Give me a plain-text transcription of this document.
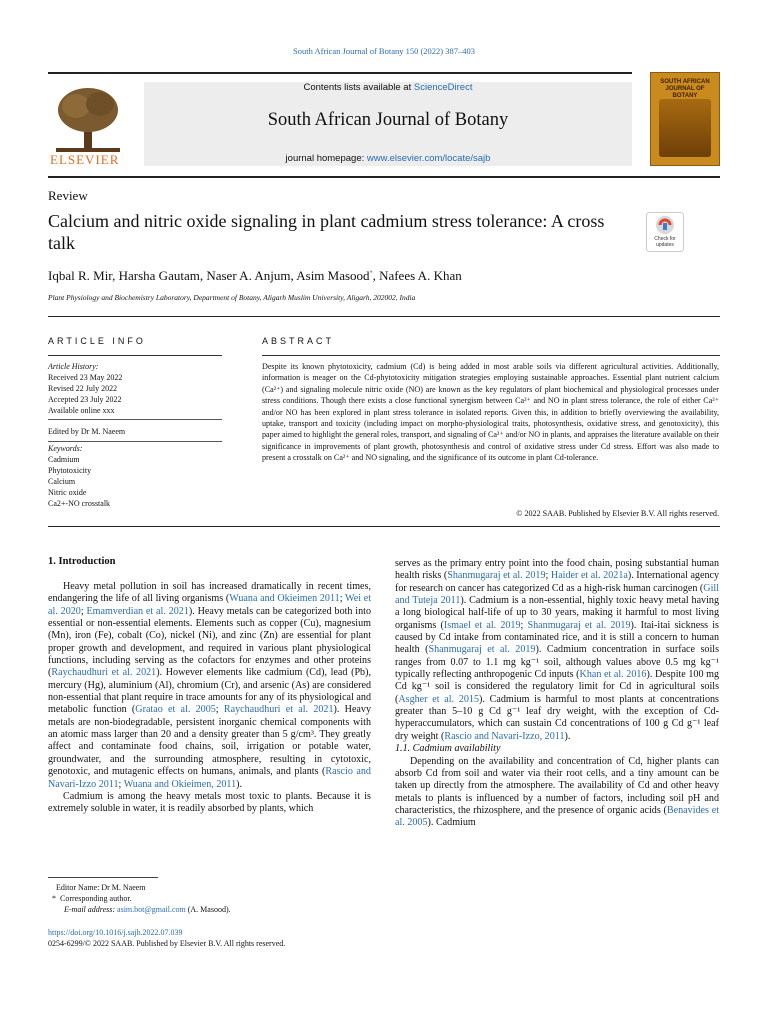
South African Journal of Botany 150 (2022) 387–403
ELSEVIER
Contents lists available at ScienceDirect
South African Journal of Botany
journal homepage: www.elsevier.com/locate/sajb
SOUTH AFRICAN JOURNAL OF BOTANY
Review
Calcium and nitric oxide signaling in plant cadmium stress tolerance: A cross talk	Check for updates
Iqbal R. Mir, Harsha Gautam, Naser A. Anjum, Asim Masood*, Nafees A. Khan
Plant Physiology and Biochemistry Laboratory, Department of Botany, Aligarh Muslim University, Aligarh, 202002, India
ARTICLE INFO	ABSTRACT
Article History:
Received 23 May 2022
Revised 22 July 2022
Accepted 23 July 2022
Available online xxx
Edited by Dr M. Naeem
Keywords:
Cadmium
Phytotoxicity
Calcium
Nitric oxide
Ca2+-NO crosstalk
Despite its known phytotoxicity, cadmium (Cd) is being added in most arable soils via different agricultural activities. Additionally, information is meager on the Cd-phytotoxicity mitigation strategies employing sustainable approaches. Essential plant nutrient calcium (Ca²⁺) and signaling molecule nitric oxide (NO) are known as the key regulators of plant biochemical and physiological processes under stress conditions. Though there exists a close functional synergism between Ca²⁺ and NO in plant stress tolerance, the role of either Ca²⁺ and/or NO has been explored in plant stress tolerance in isolated reports. Given this, in addition to briefly overviewing the availability, uptake, transport and toxicity (including impact on morpho-physiological traits, photosynthesis, oxidative stress, and genotoxicity), this paper aimed to highlight the general roles, transport, and signaling of Ca²⁺ and/or NO in plants, and appraises the literature available on their significance in improvements of plant growth, photosynthesis and control of oxidative stress under Cd stress. Effort was also made to present a crosstalk on Ca²⁺ and NO signaling, and the significance of its outcome in plant Cd-tolerance.
© 2022 SAAB. Published by Elsevier B.V. All rights reserved.
1. Introduction

Heavy metal pollution in soil has increased dramatically in recent times, endangering the life of all living organisms (Wuana and Okieimen 2011; Wei et al. 2020; Emamverdian et al. 2021). Heavy metals can be categorized both into essential or non-essential elements. Elements such as copper (Cu), magnesium (Mn), iron (Fe), cobalt (Co), nickel (Ni), and zinc (Zn) are essential for plant proper growth and development, and required in various plant physiological functions, including serving as the cofactors for enzymes and other proteins (Raychaudhuri et al. 2021). However elements like cadmium (Cd), lead (Pb), mercury (Hg), aluminium (Al), chromium (Cr), and arsenic (As) are considered non-essential that plant require in trace amounts for any of its physiological and metabolic function (Gratao et al. 2005; Raychaudhuri et al. 2021). Heavy metals are non-biodegradable, persistent inorganic chemical components with an atomic mass larger than 20 and a density greater than 5 g/cm³. They greatly affect and contaminate food chains, soil, irrigation or potable water, groundwater, and the surrounding atmosphere, resulting in cytotoxic, genotoxic, and mutagenic effects on humans, animals, and plants (Rascio and Navari-Izzo 2011; Wuana and Okieimen, 2011).

Cadmium is among the heavy metals most toxic to plants. Because it is extremely soluble in water, it is readily absorbed by plants, which

serves as the primary entry point into the food chain, posing substantial human health risks (Shanmugaraj et al. 2019; Haider et al. 2021a). International agency for research on cancer has categorized Cd as a high-risk human carcinogen (Gill and Tuteja 2011). Cadmium is a non-essential, highly toxic heavy metal having a long biological half-life of up to 30 years, making it harmful to most living organisms (Ismael et al. 2019; Shanmugaraj et al. 2019). Itai-itai sickness is caused by Cd intake from contaminated rice, and it is still a concern to human health (Shanmugaraj et al. 2019). Cadmium concentration in surface soils ranges from 0.07 to 1.1 mg kg⁻¹ soil, although values above 0.5 mg kg⁻¹ typically reflecting anthropogenic Cd inputs (Khan et al. 2016). Despite 100 mg Cd kg⁻¹ soil is considered the regulatory limit for Cd in agricultural soils (Asgher et al. 2015). Cadmium is harmful to most plants at concentrations greater than 5–10 g Cd g⁻¹ leaf dry weight, with the exception of Cd-hyperaccumulators, which can sustain Cd concentrations of 100 g Cd g⁻¹ leaf dry weight (Rascio and Navari-Izzo, 2011).

1.1. Cadmium availability

Depending on the availability and concentration of Cd, higher plants can absorb Cd from soil and water via their root cells, and a tiny amount can be taken up directly from the atmosphere. The availability of Cd and other heavy metals to plants is influenced by a number of factors, including soil pH and characteristics, the rhizosphere, and the presence of organic acids (Benavides et al. 2005). Cadmium

Editor Name: Dr M. Naeem
* Corresponding author.
E-mail address: asim.bot@gmail.com (A. Masood).
https://doi.org/10.1016/j.sajb.2022.07.039
0254-6299/© 2022 SAAB. Published by Elsevier B.V. All rights reserved.
